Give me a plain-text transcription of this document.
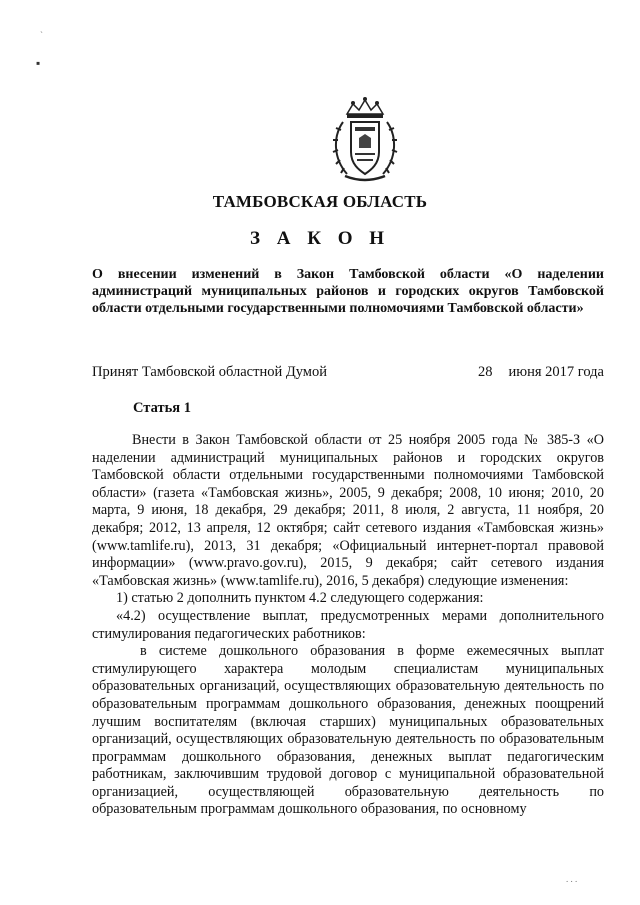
`
▪
ТАМБОВСКАЯ ОБЛАСТЬ
З А К О Н
О внесении изменений в Закон Тамбовской области «О наделении администраций муниципальных районов и городских округов Тамбовской области отдельными государственными полномочиями Тамбовской области»
Принят Тамбовской областной Думой	28 июня 2017 года
Статья 1

Внести в Закон Тамбовской области от 25 ноября 2005 года № 385-З «О наделении администраций муниципальных районов и городских округов Тамбовской области отдельными государственными полномочиями Тамбовской области» (газета «Тамбовская жизнь», 2005, 9 декабря; 2008, 10 июня; 2010, 20 марта, 9 июня, 18 декабря, 29 декабря; 2011, 8 июля, 2 августа, 11 ноября, 20 декабря; 2012, 13 апреля, 12 октября; сайт сетевого издания «Тамбовская жизнь» (www.tamlife.ru), 2013, 31 декабря; «Официальный интернет-портал правовой информации» (www.pravo.gov.ru), 2015, 9 декабря; сайт сетевого издания «Тамбовская жизнь» (www.tamlife.ru), 2016, 5 декабря) следующие изменения:

1) статью 2 дополнить пунктом 4.2 следующего содержания:

«4.2) осуществление выплат, предусмотренных мерами дополнительного стимулирования педагогических работников:

в системе дошкольного образования в форме ежемесячных выплат стимулирующего характера молодым специалистам муниципальных образовательных организаций, осуществляющих образовательную деятельность по образовательным программам дошкольного образования, денежных поощрений лучшим воспитателям (включая старших) муниципальных образовательных организаций, осуществляющих образовательную деятельность по образовательным программам дошкольного образования, денежных выплат педагогическим работникам, заключившим трудовой договор с муниципальной образовательной организацией, осуществляющей образовательную деятельность по образовательным программам дошкольного образования, по основному

. . .
